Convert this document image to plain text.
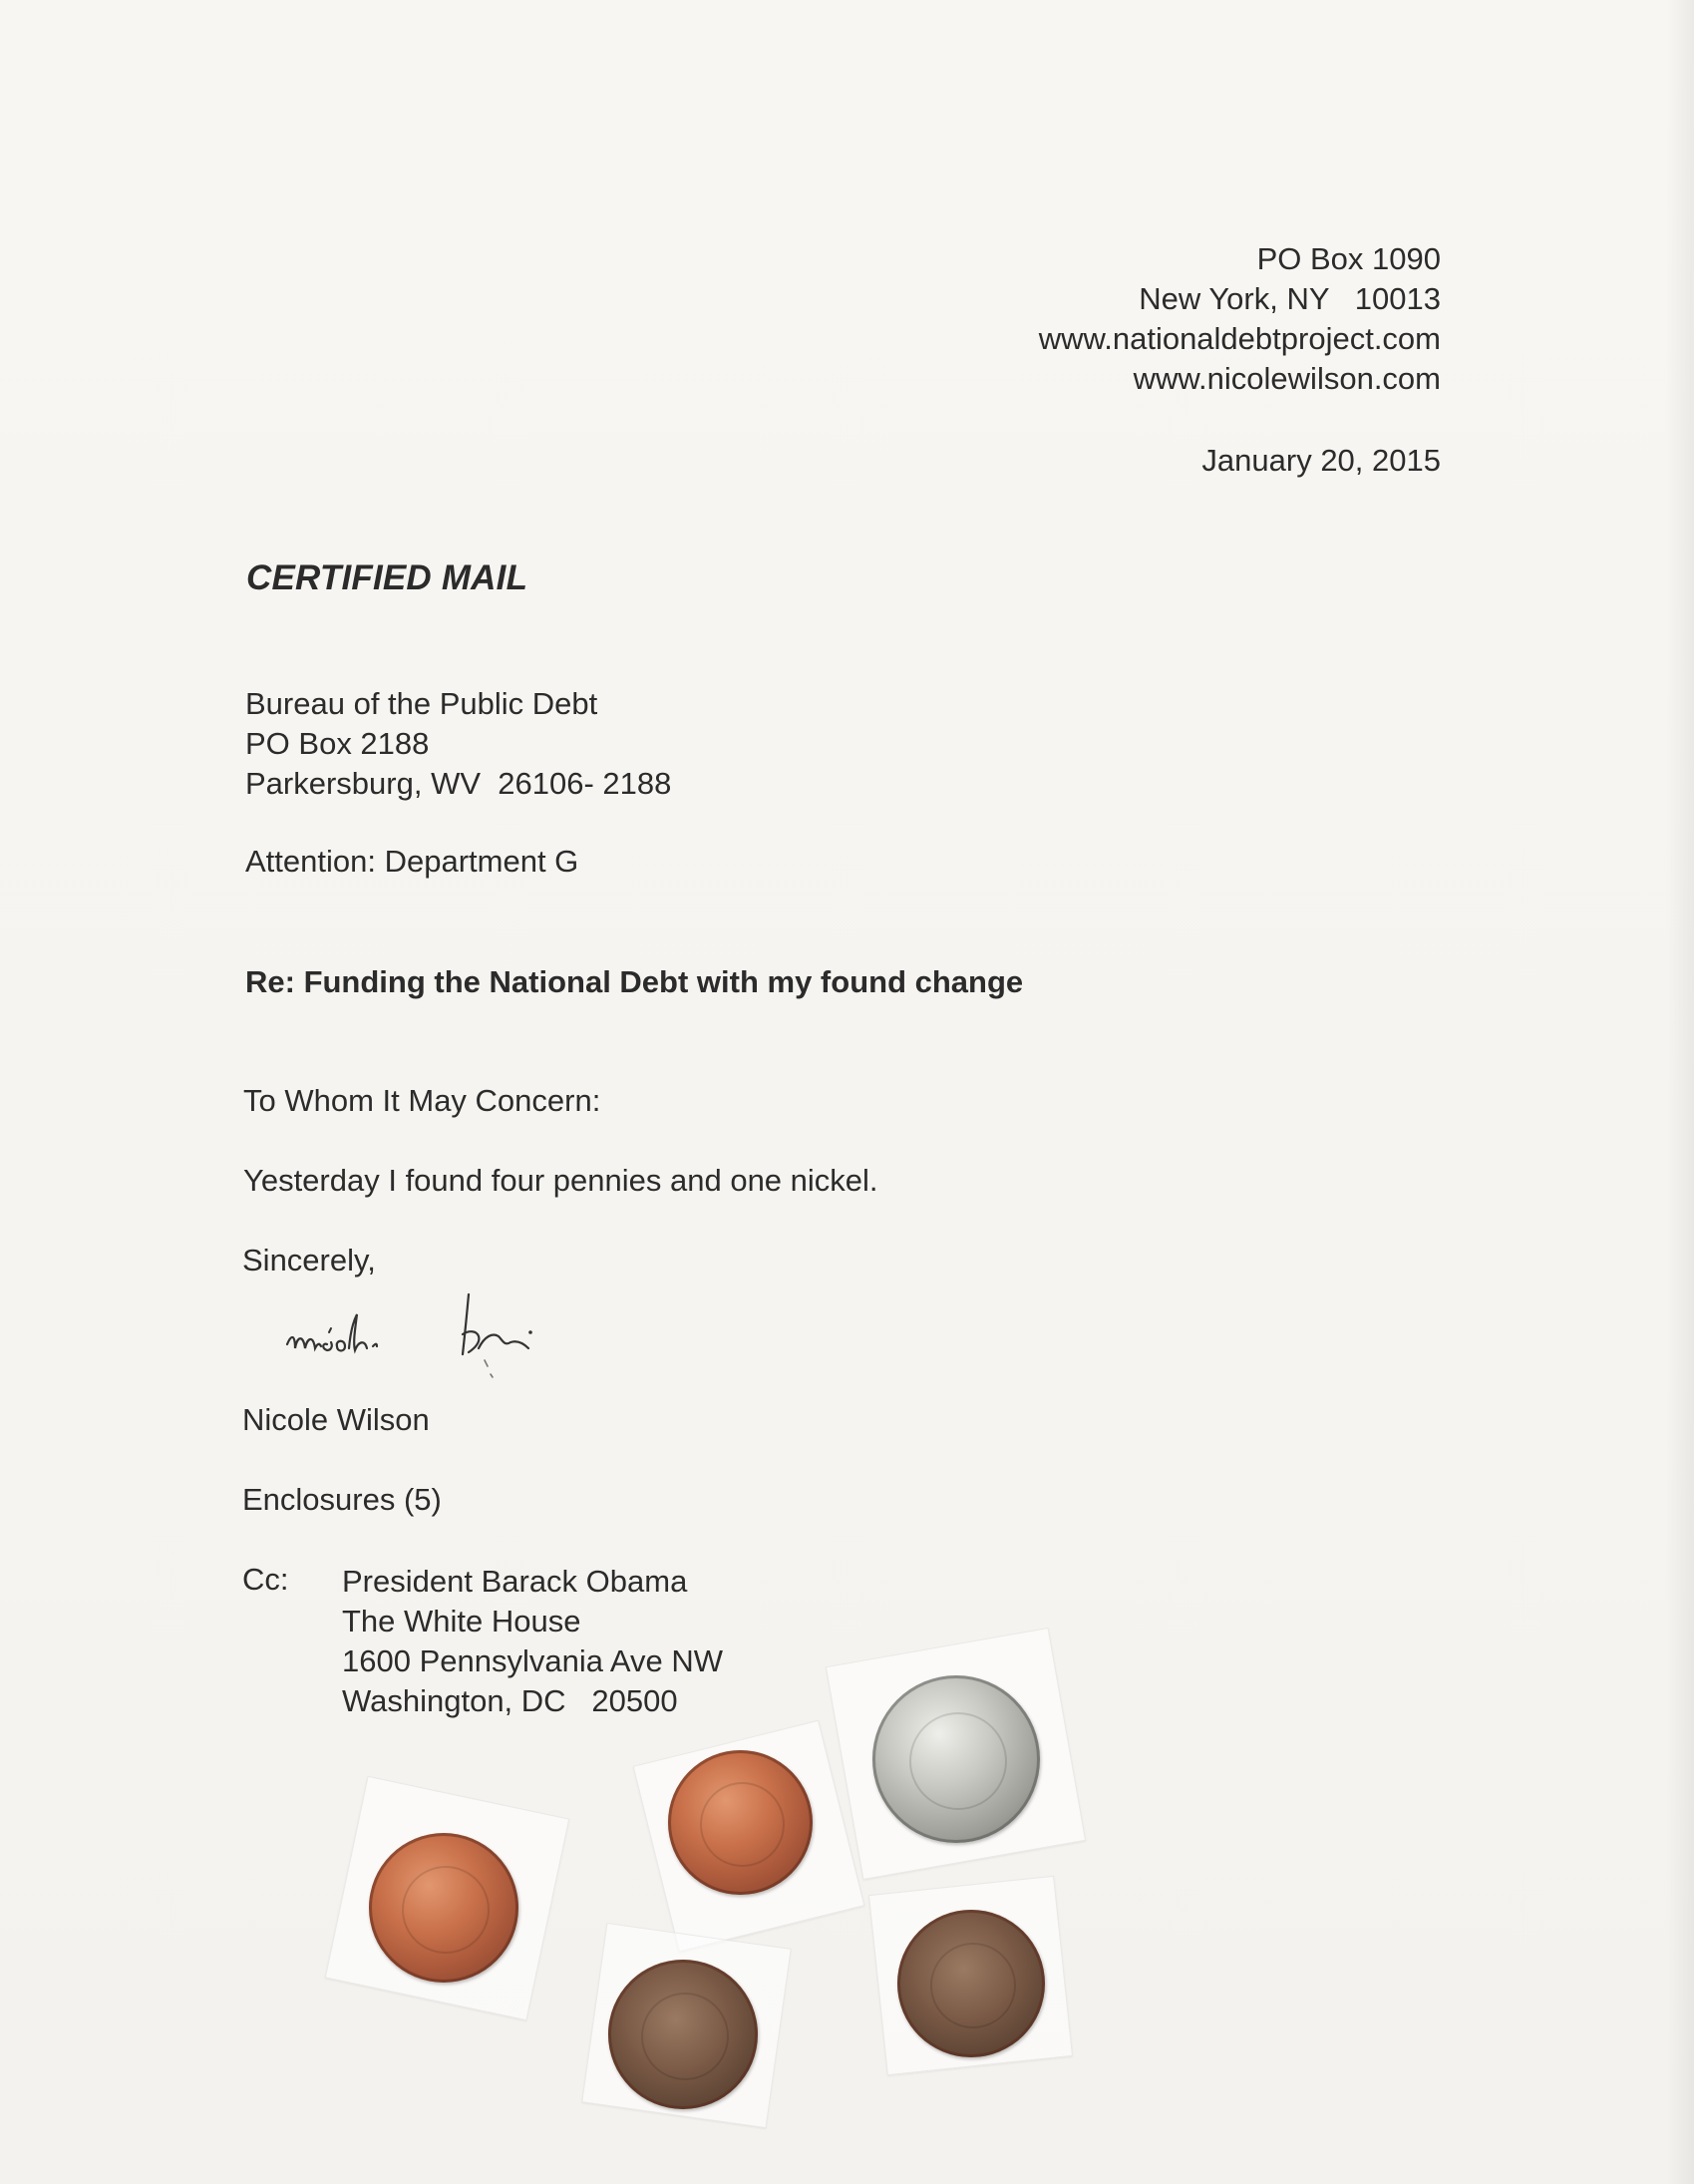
PO Box 1090
New York, NY   10013
www.nationaldebtproject.com
www.nicolewilson.com
January 20, 2015
CERTIFIED MAIL
Bureau of the Public Debt
PO Box 2188
Parkersburg, WV  26106- 2188
Attention: Department G
Re: Funding the National Debt with my found change
To Whom It May Concern:
Yesterday I found four pennies and one nickel.
Sincerely,
Nicole Wilson
Enclosures (5)
Cc: President Barack Obama
The White House
1600 Pennsylvania Ave NW
Washington, DC   20500
